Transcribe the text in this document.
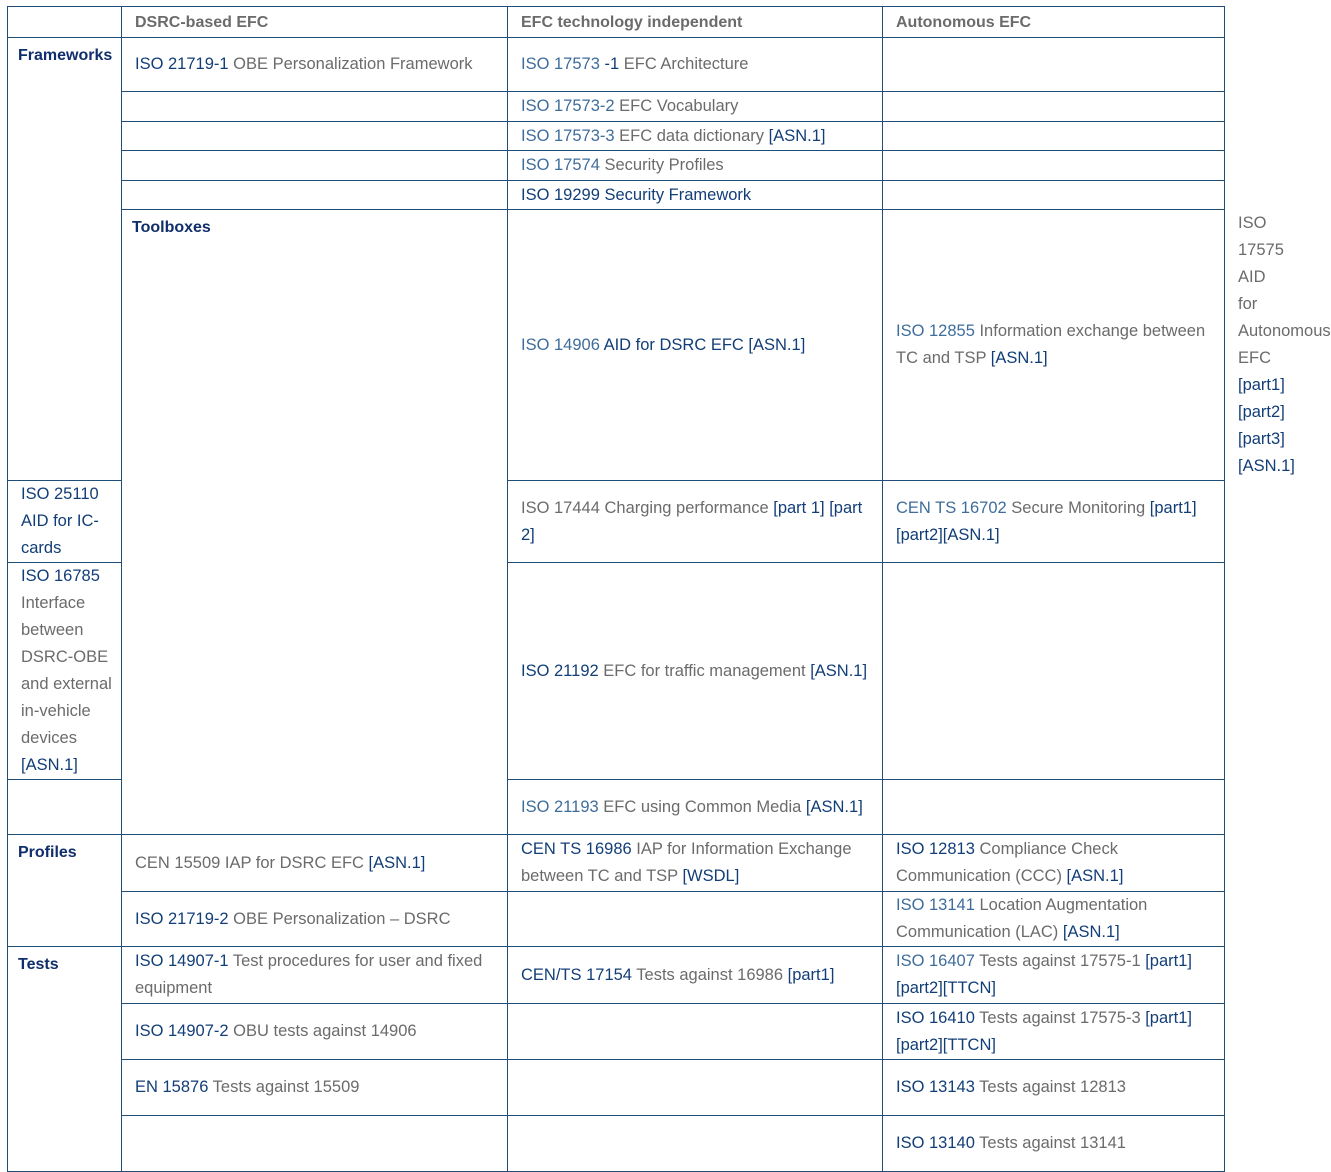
	DSRC-based EFC	EFC technology independent	Autonomous EFC	
Frameworks	ISO 21719-1 OBE Personalization Framework	ISO 17573 -1 EFC Architecture		
		ISO 17573-2 EFC Vocabulary		
		ISO 17573-3 EFC data dictionary [ASN.1]		
		ISO 17574 Security Profiles		
		ISO 19299 Security Framework		
	Toolboxes	ISO 14906 AID for DSRC EFC [ASN.1]	ISO 12855 Information exchange between TC and TSP [ASN.1]	ISO 17575 AID for Autonomous EFC [part1][part2][part3][ASN.1]
ISO 25110 AID for IC-cards		ISO 17444 Charging performance [part 1] [part 2]	CEN TS 16702 Secure Monitoring [part1][part2][ASN.1]	
ISO 16785 Interface between DSRC-OBE and external in-vehicle devices [ASN.1]		ISO 21192 EFC for traffic management [ASN.1]		
		ISO 21193 EFC using Common Media [ASN.1]		
Profiles	CEN 15509 IAP for DSRC EFC [ASN.1]	CEN TS 16986 IAP for Information Exchange between TC and TSP [WSDL]	ISO 12813 Compliance Check Communication (CCC) [ASN.1]	
	ISO 21719-2 OBE Personalization – DSRC		ISO 13141 Location Augmentation Communication (LAC) [ASN.1]	
Tests	ISO 14907-1 Test procedures for user and fixed equipment	CEN/TS 17154 Tests against 16986 [part1]	ISO 16407 Tests against 17575-1 [part1][part2][TTCN]	
	ISO 14907-2 OBU tests against 14906		ISO 16410 Tests against 17575-3 [part1][part2][TTCN]	
	EN 15876 Tests against 15509		ISO 13143 Tests against 12813	
			ISO 13140 Tests against 13141	
